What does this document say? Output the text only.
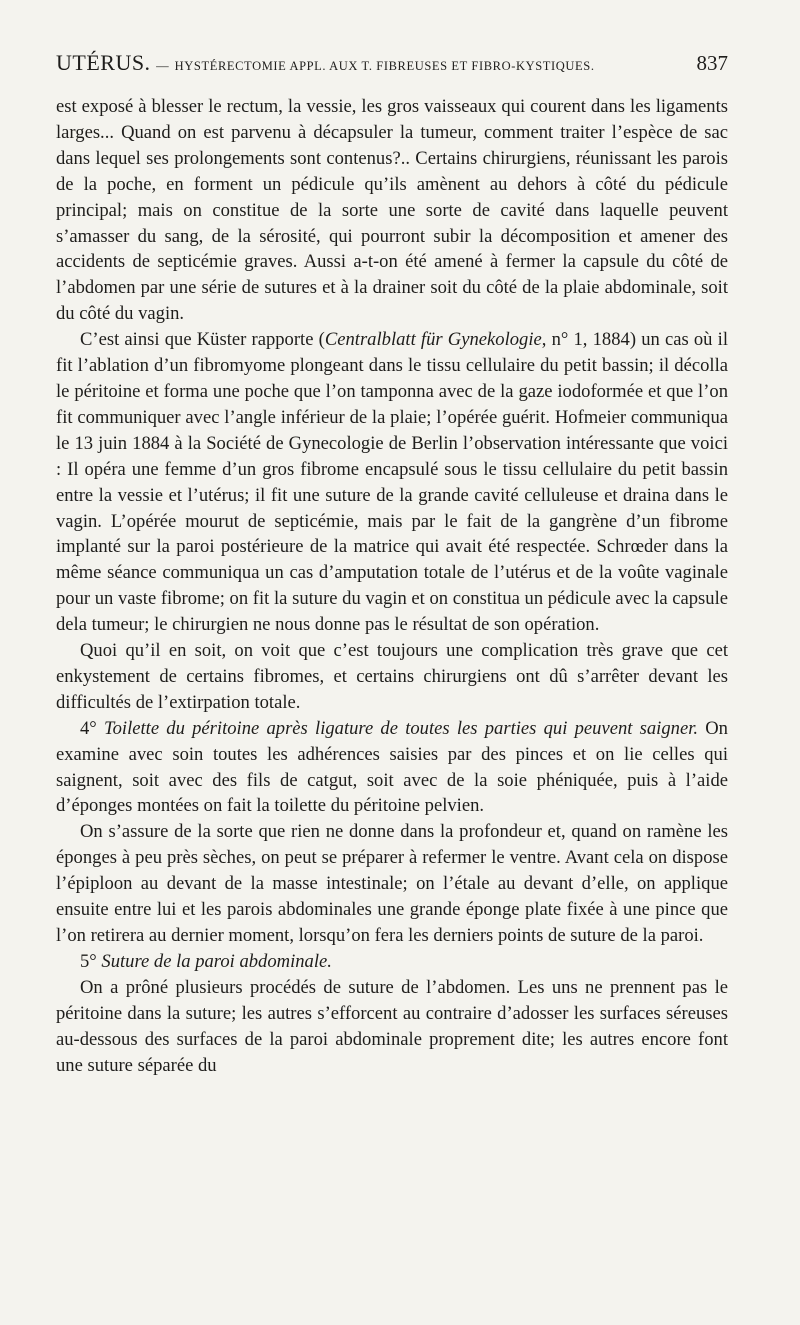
UTÉRUS. — HYSTÉRECTOMIE APPL. AUX T. FIBREUSES ET FIBRO-KYSTIQUES.	837

est exposé à blesser le rectum, la vessie, les gros vaisseaux qui courent dans les ligaments larges... Quand on est parvenu à décapsuler la tumeur, comment traiter l’espèce de sac dans lequel ses prolongements sont contenus?.. Certains chirurgiens, réunissant les parois de la poche, en forment un pédicule qu’ils amènent au dehors à côté du pédicule principal; mais on constitue de la sorte une sorte de cavité dans laquelle peuvent s’amasser du sang, de la sérosité, qui pourront subir la décomposition et amener des accidents de septicémie graves. Aussi a-t-on été amené à fermer la capsule du côté de l’abdomen par une série de sutures et à la drainer soit du côté de la plaie abdominale, soit du côté du vagin.

C’est ainsi que Küster rapporte (Centralblatt für Gynekologie, n° 1, 1884) un cas où il fit l’ablation d’un fibromyome plongeant dans le tissu cellulaire du petit bassin; il décolla le péritoine et forma une poche que l’on tamponna avec de la gaze iodoformée et que l’on fit communiquer avec l’angle inférieur de la plaie; l’opérée guérit. Hofmeier communiqua le 13 juin 1884 à la Société de Gynecologie de Berlin l’observation intéressante que voici : Il opéra une femme d’un gros fibrome encapsulé sous le tissu cellulaire du petit bassin entre la vessie et l’utérus; il fit une suture de la grande cavité celluleuse et draina dans le vagin. L’opérée mourut de septicémie, mais par le fait de la gangrène d’un fibrome implanté sur la paroi postérieure de la matrice qui avait été respectée. Schrœder dans la même séance communiqua un cas d’amputation totale de l’utérus et de la voûte vaginale pour un vaste fibrome; on fit la suture du vagin et on constitua un pédicule avec la capsule dela tumeur; le chirurgien ne nous donne pas le résultat de son opération.

Quoi qu’il en soit, on voit que c’est toujours une complication très grave que cet enkystement de certains fibromes, et certains chirurgiens ont dû s’arrêter devant les difficultés de l’extirpation totale.

4° Toilette du péritoine après ligature de toutes les parties qui peuvent saigner. On examine avec soin toutes les adhérences saisies par des pinces et on lie celles qui saignent, soit avec des fils de catgut, soit avec de la soie phéniquée, puis à l’aide d’éponges montées on fait la toilette du péritoine pelvien.

On s’assure de la sorte que rien ne donne dans la profondeur et, quand on ramène les éponges à peu près sèches, on peut se préparer à refermer le ventre. Avant cela on dispose l’épiploon au devant de la masse intestinale; on l’étale au devant d’elle, on applique ensuite entre lui et les parois abdominales une grande éponge plate fixée à une pince que l’on retirera au dernier moment, lorsqu’on fera les derniers points de suture de la paroi.

5° Suture de la paroi abdominale.

On a prôné plusieurs procédés de suture de l’abdomen. Les uns ne prennent pas le péritoine dans la suture; les autres s’efforcent au contraire d’adosser les surfaces séreuses au-dessous des surfaces de la paroi abdominale proprement dite; les autres encore font une suture séparée du
